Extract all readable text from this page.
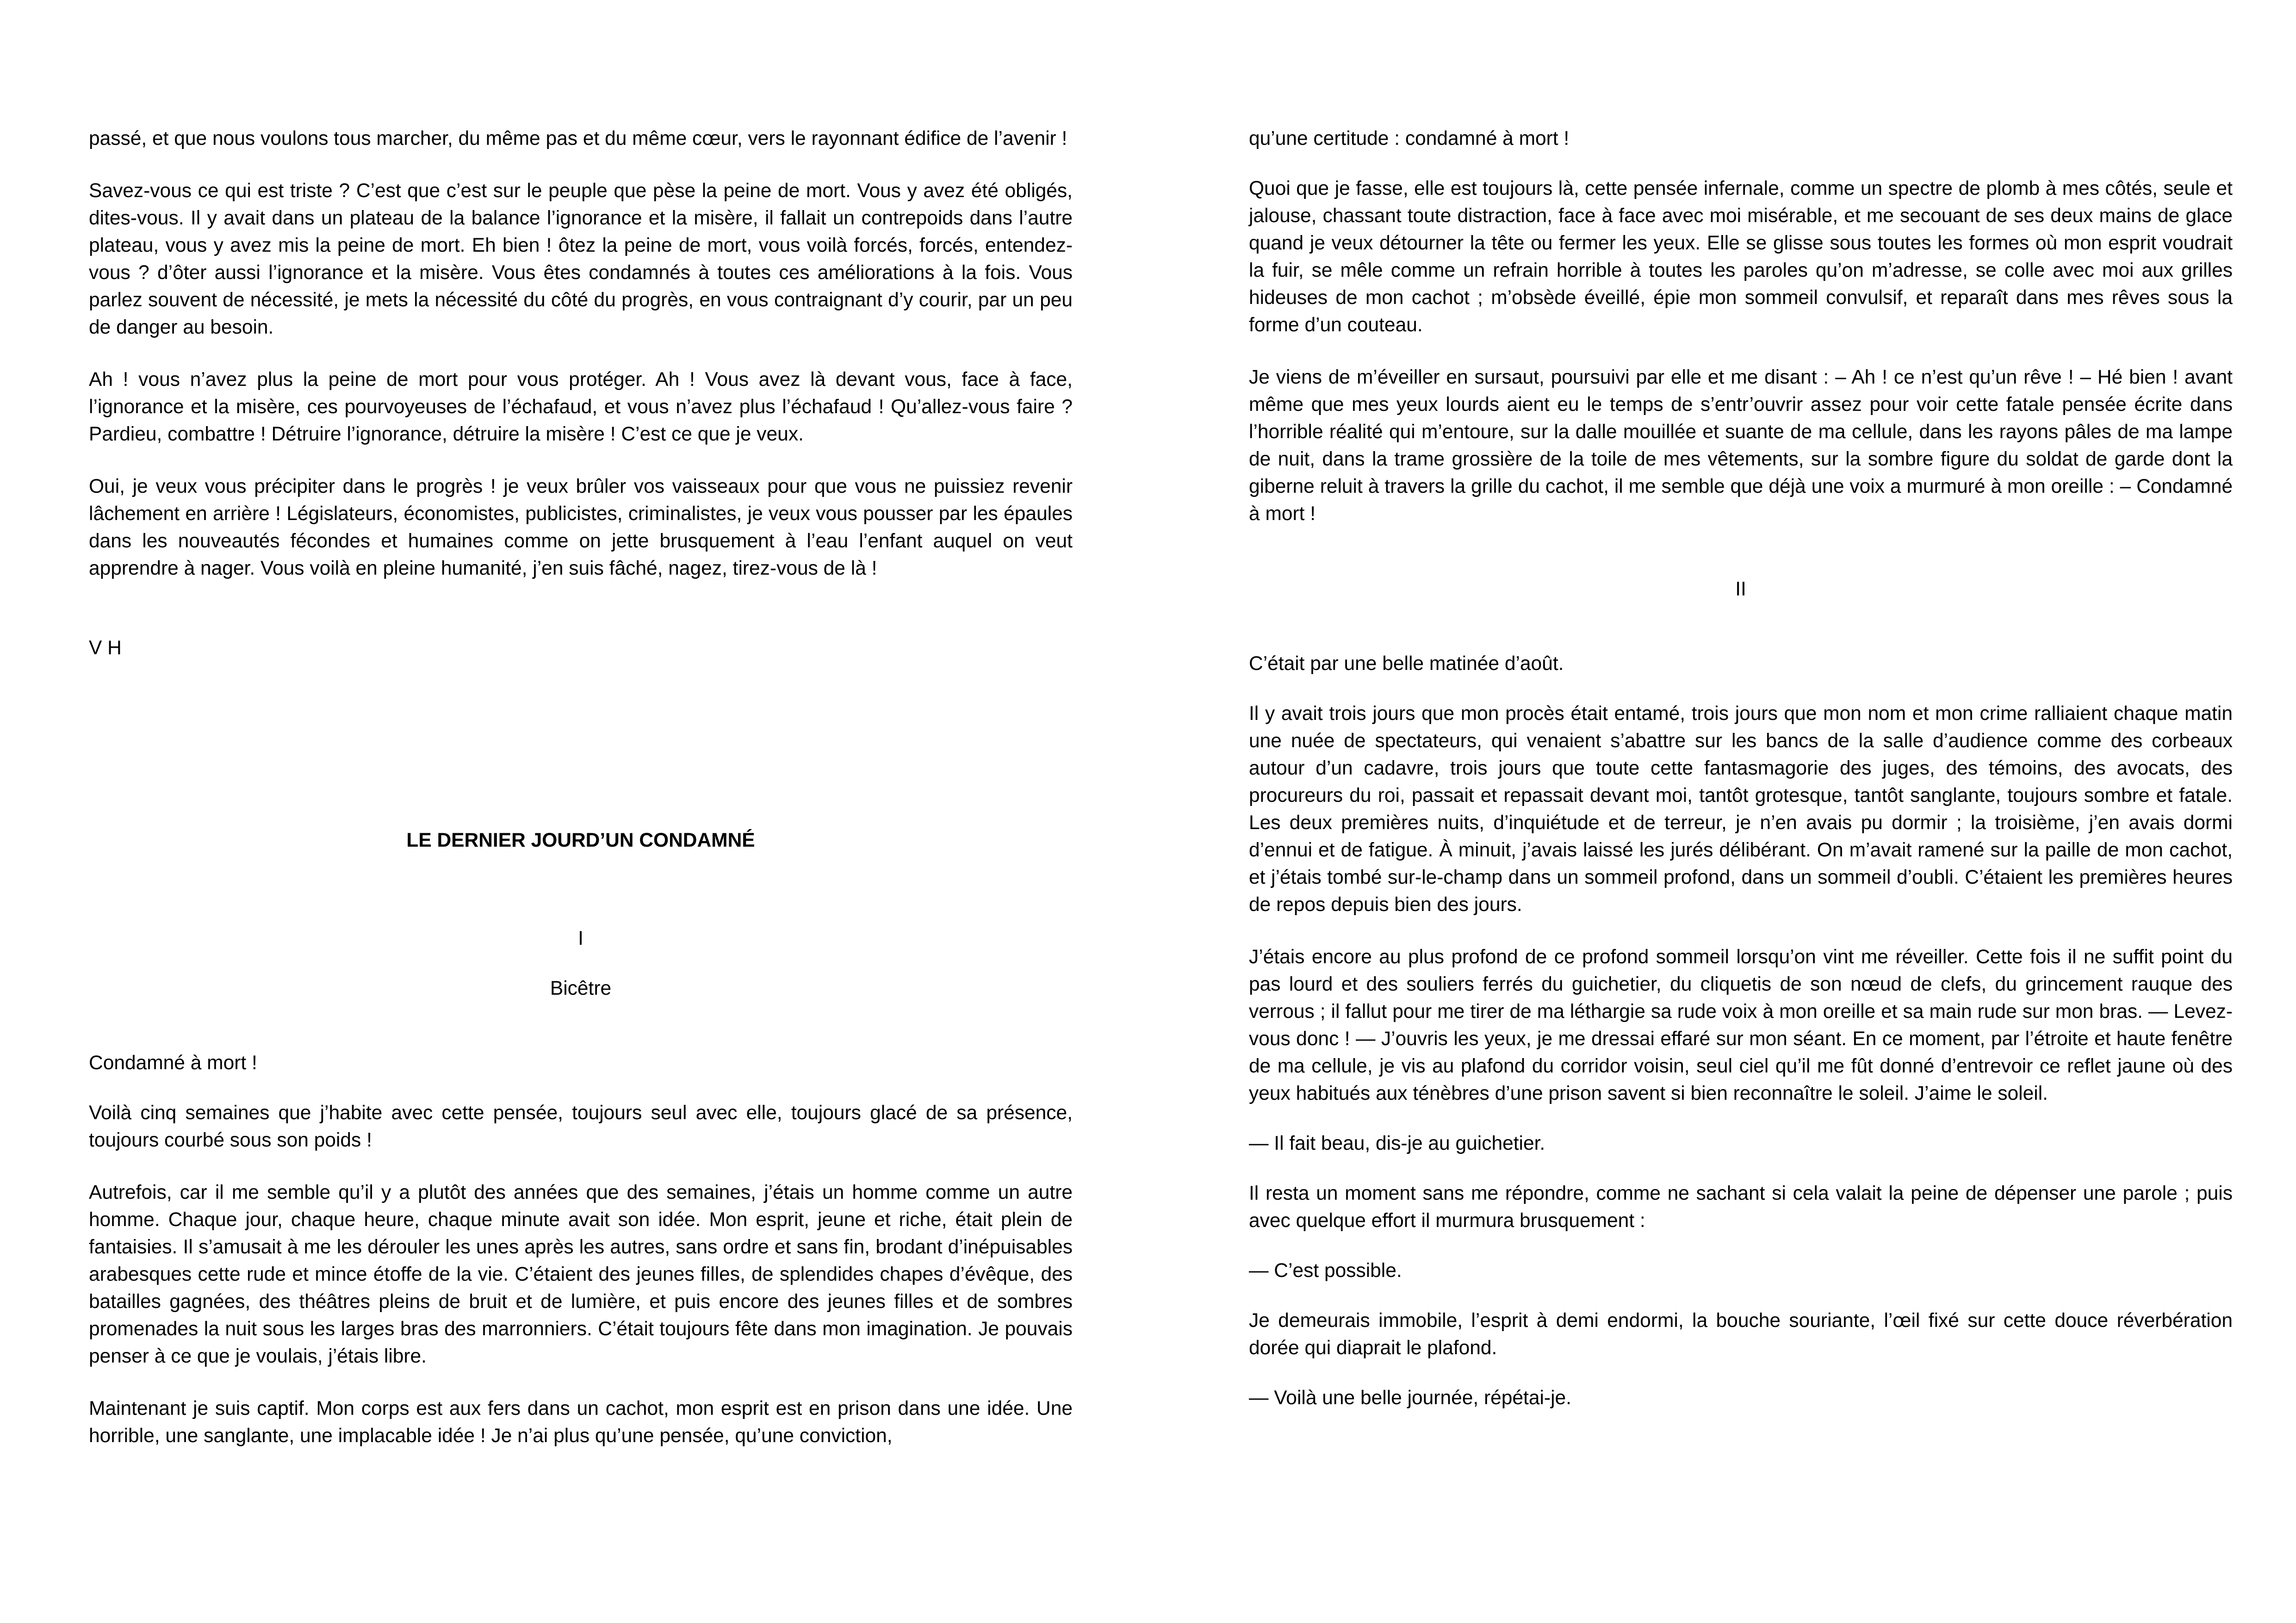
passé, et que nous voulons tous marcher, du même pas et du même cœur, vers le rayonnant édifice de l’avenir !

Savez-vous ce qui est triste ? C’est que c’est sur le peuple que pèse la peine de mort. Vous y avez été obligés, dites-vous. Il y avait dans un plateau de la balance l’ignorance et la misère, il fallait un contrepoids dans l’autre plateau, vous y avez mis la peine de mort. Eh bien ! ôtez la peine de mort, vous voilà forcés, forcés, entendez-vous ? d’ôter aussi l’ignorance et la misère. Vous êtes condamnés à toutes ces améliorations à la fois. Vous parlez souvent de nécessité, je mets la nécessité du côté du progrès, en vous contraignant d’y courir, par un peu de danger au besoin.

Ah ! vous n’avez plus la peine de mort pour vous protéger. Ah ! Vous avez là devant vous, face à face, l’ignorance et la misère, ces pourvoyeuses de l’échafaud, et vous n’avez plus l’échafaud ! Qu’allez-vous faire ? Pardieu, combattre ! Détruire l’ignorance, détruire la misère ! C’est ce que je veux.

Oui, je veux vous précipiter dans le progrès ! je veux brûler vos vaisseaux pour que vous ne puissiez revenir lâchement en arrière ! Législateurs, économistes, publicistes, criminalistes, je veux vous pousser par les épaules dans les nouveautés fécondes et humaines comme on jette brusquement à l’eau l’enfant auquel on veut apprendre à nager. Vous voilà en pleine humanité, j’en suis fâché, nagez, tirez-vous de là !

V H

LE DERNIER JOURD’UN CONDAMNÉ

I

Bicêtre

Condamné à mort !

Voilà cinq semaines que j’habite avec cette pensée, toujours seul avec elle, toujours glacé de sa présence, toujours courbé sous son poids !

Autrefois, car il me semble qu’il y a plutôt des années que des semaines, j’étais un homme comme un autre homme. Chaque jour, chaque heure, chaque minute avait son idée. Mon esprit, jeune et riche, était plein de fantaisies. Il s’amusait à me les dérouler les unes après les autres, sans ordre et sans fin, brodant d’inépuisables arabesques cette rude et mince étoffe de la vie. C’étaient des jeunes filles, de splendides chapes d’évêque, des batailles gagnées, des théâtres pleins de bruit et de lumière, et puis encore des jeunes filles et de sombres promenades la nuit sous les larges bras des marronniers. C’était toujours fête dans mon imagination. Je pouvais penser à ce que je voulais, j’étais libre.

Maintenant je suis captif. Mon corps est aux fers dans un cachot, mon esprit est en prison dans une idée. Une horrible, une sanglante, une implacable idée ! Je n’ai plus qu’une pensée, qu’une conviction,

qu’une certitude : condamné à mort !

Quoi que je fasse, elle est toujours là, cette pensée infernale, comme un spectre de plomb à mes côtés, seule et jalouse, chassant toute distraction, face à face avec moi misérable, et me secouant de ses deux mains de glace quand je veux détourner la tête ou fermer les yeux. Elle se glisse sous toutes les formes où mon esprit voudrait la fuir, se mêle comme un refrain horrible à toutes les paroles qu’on m’adresse, se colle avec moi aux grilles hideuses de mon cachot ; m’obsède éveillé, épie mon sommeil convulsif, et reparaît dans mes rêves sous la forme d’un couteau.

Je viens de m’éveiller en sursaut, poursuivi par elle et me disant : – Ah ! ce n’est qu’un rêve ! – Hé bien ! avant même que mes yeux lourds aient eu le temps de s’entr’ouvrir assez pour voir cette fatale pensée écrite dans l’horrible réalité qui m’entoure, sur la dalle mouillée et suante de ma cellule, dans les rayons pâles de ma lampe de nuit, dans la trame grossière de la toile de mes vêtements, sur la sombre figure du soldat de garde dont la giberne reluit à travers la grille du cachot, il me semble que déjà une voix a murmuré à mon oreille : – Condamné à mort !

II

C’était par une belle matinée d’août.

Il y avait trois jours que mon procès était entamé, trois jours que mon nom et mon crime ralliaient chaque matin une nuée de spectateurs, qui venaient s’abattre sur les bancs de la salle d’audience comme des corbeaux autour d’un cadavre, trois jours que toute cette fantasmagorie des juges, des témoins, des avocats, des procureurs du roi, passait et repassait devant moi, tantôt grotesque, tantôt sanglante, toujours sombre et fatale. Les deux premières nuits, d’inquiétude et de terreur, je n’en avais pu dormir ; la troisième, j’en avais dormi d’ennui et de fatigue. À minuit, j’avais laissé les jurés délibérant. On m’avait ramené sur la paille de mon cachot, et j’étais tombé sur-le-champ dans un sommeil profond, dans un sommeil d’oubli. C’étaient les premières heures de repos depuis bien des jours.

J’étais encore au plus profond de ce profond sommeil lorsqu’on vint me réveiller. Cette fois il ne suffit point du pas lourd et des souliers ferrés du guichetier, du cliquetis de son nœud de clefs, du grincement rauque des verrous ; il fallut pour me tirer de ma léthargie sa rude voix à mon oreille et sa main rude sur mon bras. — Levez-vous donc ! — J’ouvris les yeux, je me dressai effaré sur mon séant. En ce moment, par l’étroite et haute fenêtre de ma cellule, je vis au plafond du corridor voisin, seul ciel qu’il me fût donné d’entrevoir ce reflet jaune où des yeux habitués aux ténèbres d’une prison savent si bien reconnaître le soleil. J’aime le soleil.

— Il fait beau, dis-je au guichetier.

Il resta un moment sans me répondre, comme ne sachant si cela valait la peine de dépenser une parole ; puis avec quelque effort il murmura brusquement :

— C’est possible.

Je demeurais immobile, l’esprit à demi endormi, la bouche souriante, l’œil fixé sur cette douce réverbération dorée qui diaprait le plafond.

— Voilà une belle journée, répétai-je.
